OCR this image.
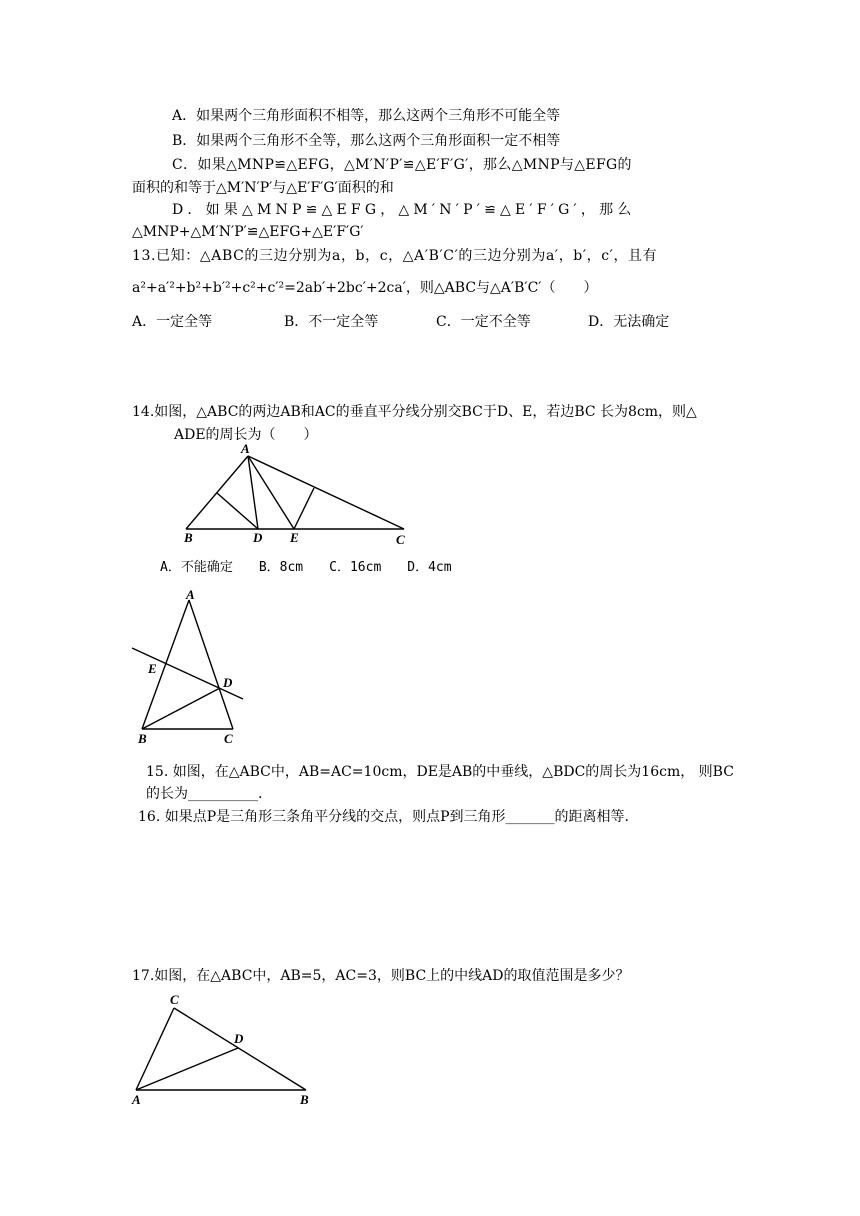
A．如果两个三角形面积不相等，那么这两个三角形不可能全等
B．如果两个三角形不全等，那么这两个三角形面积一定不相等
C．如果△MNP≌△EFG，△M′N′P′≌△E′F′G′，那么△MNP与△EFG的
面积的和等于△M′N′P′与△E′F′G′面积的和
D．如果△MNP≌△EFG，△M′N′P′≌△E′F′G′，那么
△MNP+△M′N′P′≌△EFG+△E′F′G′
13.已知：△ABC的三边分别为a，b，c，△A′B′C′的三边分别为a′，b′，c′，且有
a²+a′²+b²+b′²+c²+c′²=2ab′+2bc′+2ca′，则△ABC与△A′B′C′（　　）
A．一定全等	B．不一定全等	C．一定不全等	D．无法确定
14.如图，△ABC的两边AB和AC的垂直平分线分别交BC于D、E，若边BC 长为8cm，则△
ADE的周长为（　　）
A
B	D E	C
A．不能确定　　B．8cm　　C．16cm　　D．4cm
A
E
D
B	C
15. 如图，在△ABC中，AB=AC=10cm，DE是AB的中垂线，△BDC的周长为16cm， 则BC
的长为__________.
16. 如果点P是三角形三条角平分线的交点，则点P到三角形_______的距离相等.
17.如图，在△ABC中，AB=5，AC=3，则BC上的中线AD的取值范围是多少？
C
D
A	B
